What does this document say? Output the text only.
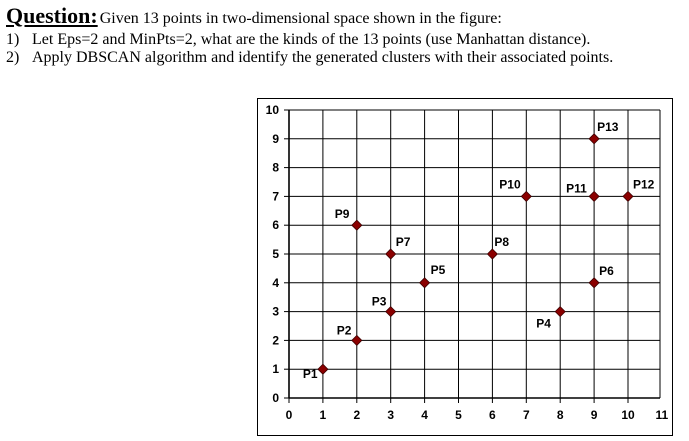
Question: Given 13 points in two-dimensional space shown in the figure:
1) Let Eps=2 and MinPts=2, what are the kinds of the 13 points (use Manhattan distance).
2) Apply DBSCAN algorithm and identify the generated clusters with their associated points.
0 1 2 3 4 5 6 7 8 9 10 11
0
1
2
3
4
5
6
7
8
9
10
P1
P2
P3
P4
P5	P6
P7	P8
P9
P10	P11	P12
P13
